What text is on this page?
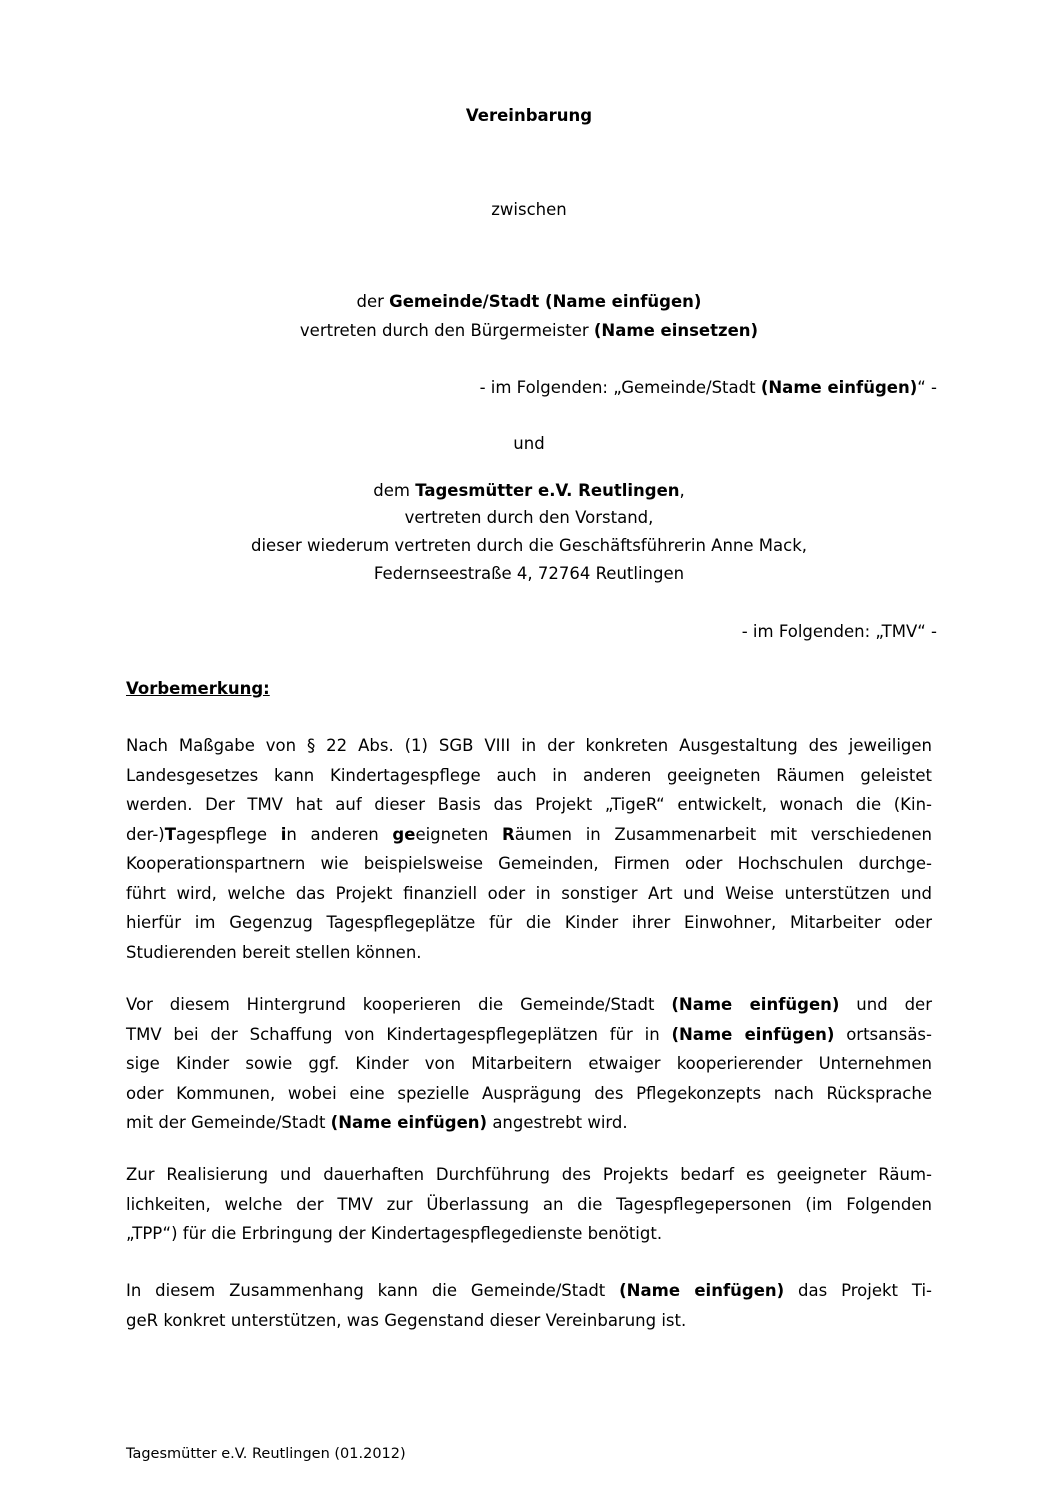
Vereinbarung
zwischen
der Gemeinde/Stadt (Name einfügen)
vertreten durch den Bürgermeister (Name einsetzen)
- im Folgenden: „Gemeinde/Stadt (Name einfügen)“ -
und
dem Tagesmütter e.V. Reutlingen,
vertreten durch den Vorstand,
dieser wiederum vertreten durch die Geschäftsführerin Anne Mack,
Federnseestraße 4, 72764 Reutlingen
- im Folgenden: „TMV“ -
Vorbemerkung:
Nach Maßgabe von § 22 Abs. (1) SGB VIII in der konkreten Ausgestaltung des jeweiligen
Landesgesetzes kann Kindertagespflege auch in anderen geeigneten Räumen geleistet
werden. Der TMV hat auf dieser Basis das Projekt „TigeR“ entwickelt, wonach die (Kin-
der-)Tagespflege in anderen geeigneten Räumen in Zusammenarbeit mit verschiedenen
Kooperationspartnern wie beispielsweise Gemeinden, Firmen oder Hochschulen durchge-
führt wird, welche das Projekt finanziell oder in sonstiger Art und Weise unterstützen und
hierfür im Gegenzug Tagespflegeplätze für die Kinder ihrer Einwohner, Mitarbeiter oder
Studierenden bereit stellen können.
Vor diesem Hintergrund kooperieren die Gemeinde/Stadt (Name einfügen) und der
TMV bei der Schaffung von Kindertagespflegeplätzen für in (Name einfügen) ortsansäs-
sige Kinder sowie ggf. Kinder von Mitarbeitern etwaiger kooperierender Unternehmen
oder Kommunen, wobei eine spezielle Ausprägung des Pflegekonzepts nach Rücksprache
mit der Gemeinde/Stadt (Name einfügen) angestrebt wird.
Zur Realisierung und dauerhaften Durchführung des Projekts bedarf es geeigneter Räum-
lichkeiten, welche der TMV zur Überlassung an die Tagespflegepersonen (im Folgenden
„TPP“) für die Erbringung der Kindertagespflegedienste benötigt.
In diesem Zusammenhang kann die Gemeinde/Stadt (Name einfügen) das Projekt Ti-
geR konkret unterstützen, was Gegenstand dieser Vereinbarung ist.
Tagesmütter e.V. Reutlingen (01.2012)
